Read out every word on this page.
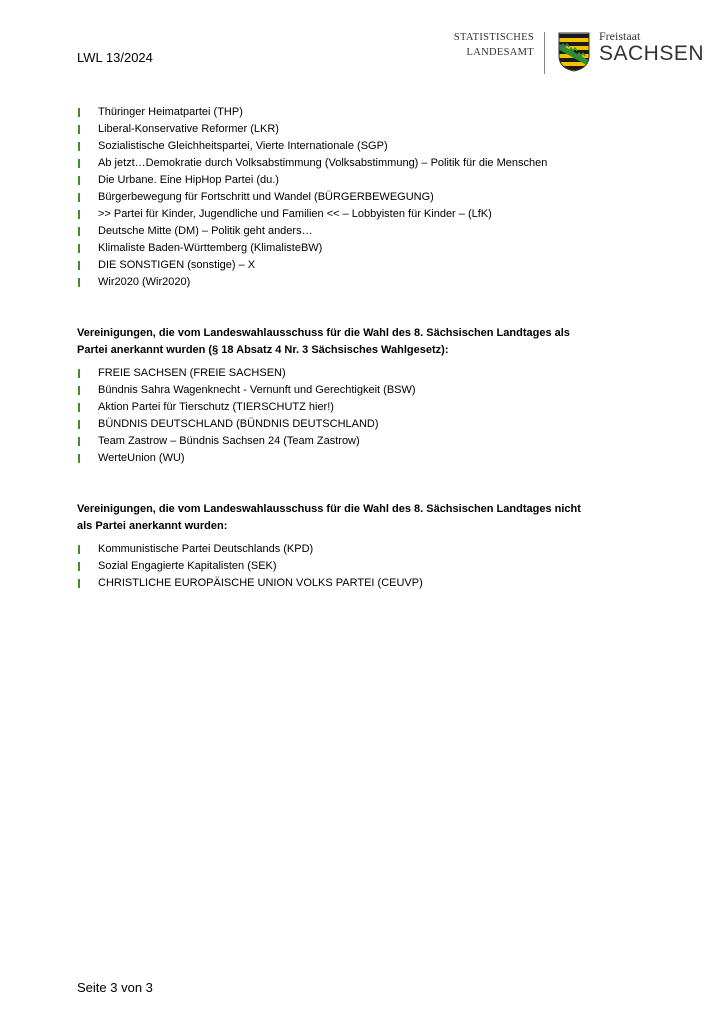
LWL 13/2024
STATISTISCHES
LANDESAMT
Freistaat
SACHSEN
Thüringer Heimatpartei (THP)
Liberal-Konservative Reformer (LKR)
Sozialistische Gleichheitspartei, Vierte Internationale (SGP)
Ab jetzt…Demokratie durch Volksabstimmung (Volksabstimmung) – Politik für die Menschen
Die Urbane. Eine HipHop Partei (du.)
Bürgerbewegung für Fortschritt und Wandel (BÜRGERBEWEGUNG)
>> Partei für Kinder, Jugendliche und Familien << – Lobbyisten für Kinder – (LfK)
Deutsche Mitte (DM) – Politik geht anders…
Klimaliste Baden-Württemberg (KlimalisteBW)
DIE SONSTIGEN (sonstige) – X
Wir2020 (Wir2020)
Vereinigungen, die vom Landeswahlausschuss für die Wahl des 8. Sächsischen Landtages als
Partei anerkannt wurden (§ 18 Absatz 4 Nr. 3 Sächsisches Wahlgesetz):
FREIE SACHSEN (FREIE SACHSEN)
Bündnis Sahra Wagenknecht - Vernunft und Gerechtigkeit (BSW)
Aktion Partei für Tierschutz (TIERSCHUTZ hier!)
BÜNDNIS DEUTSCHLAND (BÜNDNIS DEUTSCHLAND)
Team Zastrow – Bündnis Sachsen 24 (Team Zastrow)
WerteUnion (WU)
Vereinigungen, die vom Landeswahlausschuss für die Wahl des 8. Sächsischen Landtages nicht
als Partei anerkannt wurden:
Kommunistische Partei Deutschlands (KPD)
Sozial Engagierte Kapitalisten (SEK)
CHRISTLICHE EUROPÄISCHE UNION VOLKS PARTEI (CEUVP)
Seite 3 von 3
